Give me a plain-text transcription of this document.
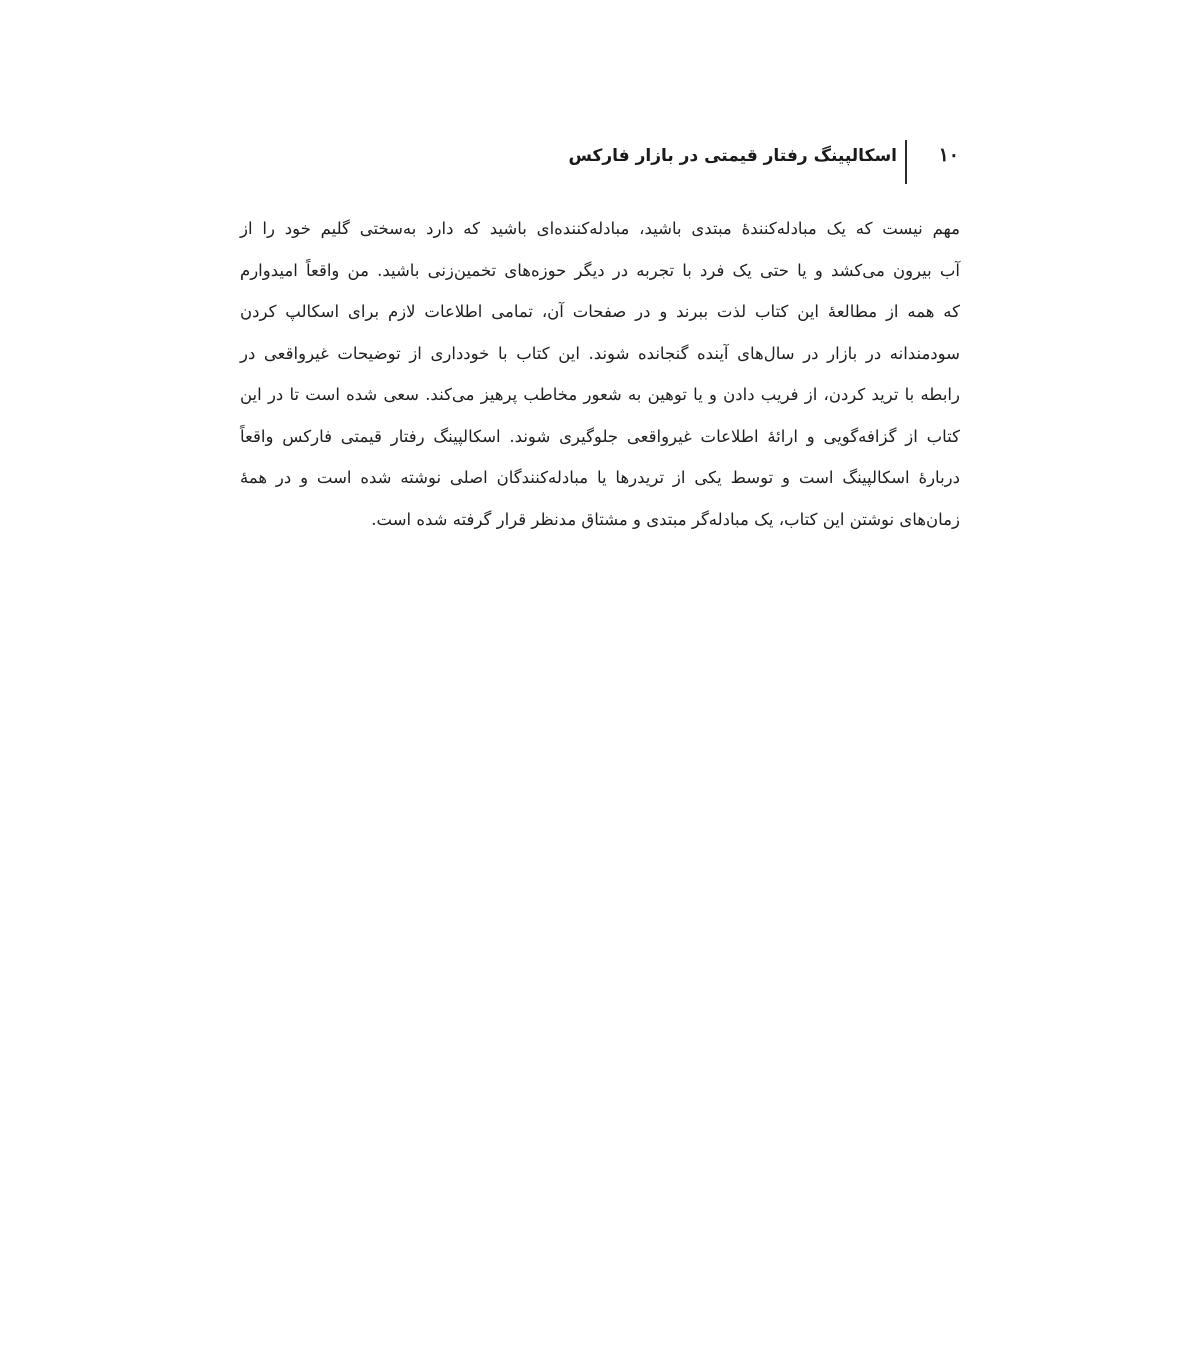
۱۰
اسکالپینگ رفتار قیمتی در بازار فارکس
مهم نیست که یک مبادله‌کنندهٔ مبتدی باشید، مبادله‌کننده‌ای باشید که دارد به‌سختی گلیم خود را از
آب بیرون می‌کشد و یا حتی یک فرد با تجربه در دیگر حوزه‌های تخمین‌زنی باشید. من واقعاً امیدوارم
که همه از مطالعهٔ این کتاب لذت ببرند و در صفحات آن، تمامی اطلاعات لازم برای اسکالپ کردن
سودمندانه در بازار در سال‌های آینده گنجانده شوند. این کتاب با خودداری از توضیحات غیرواقعی در
رابطه با ترید کردن، از فریب دادن و یا توهین به شعور مخاطب پرهیز می‌کند. سعی شده است تا در این
کتاب از گزافه‌گویی و ارائهٔ اطلاعات غیرواقعی جلوگیری شوند. اسکالپینگ رفتار قیمتی فارکس واقعاً
دربارهٔ اسکالپینگ است و توسط یکی از تریدرها یا مبادله‌کنندگان اصلی نوشته شده است و در همهٔ
زمان‌های نوشتن این کتاب، یک مبادله‌گر مبتدی و مشتاق مدنظر قرار گرفته شده است.
